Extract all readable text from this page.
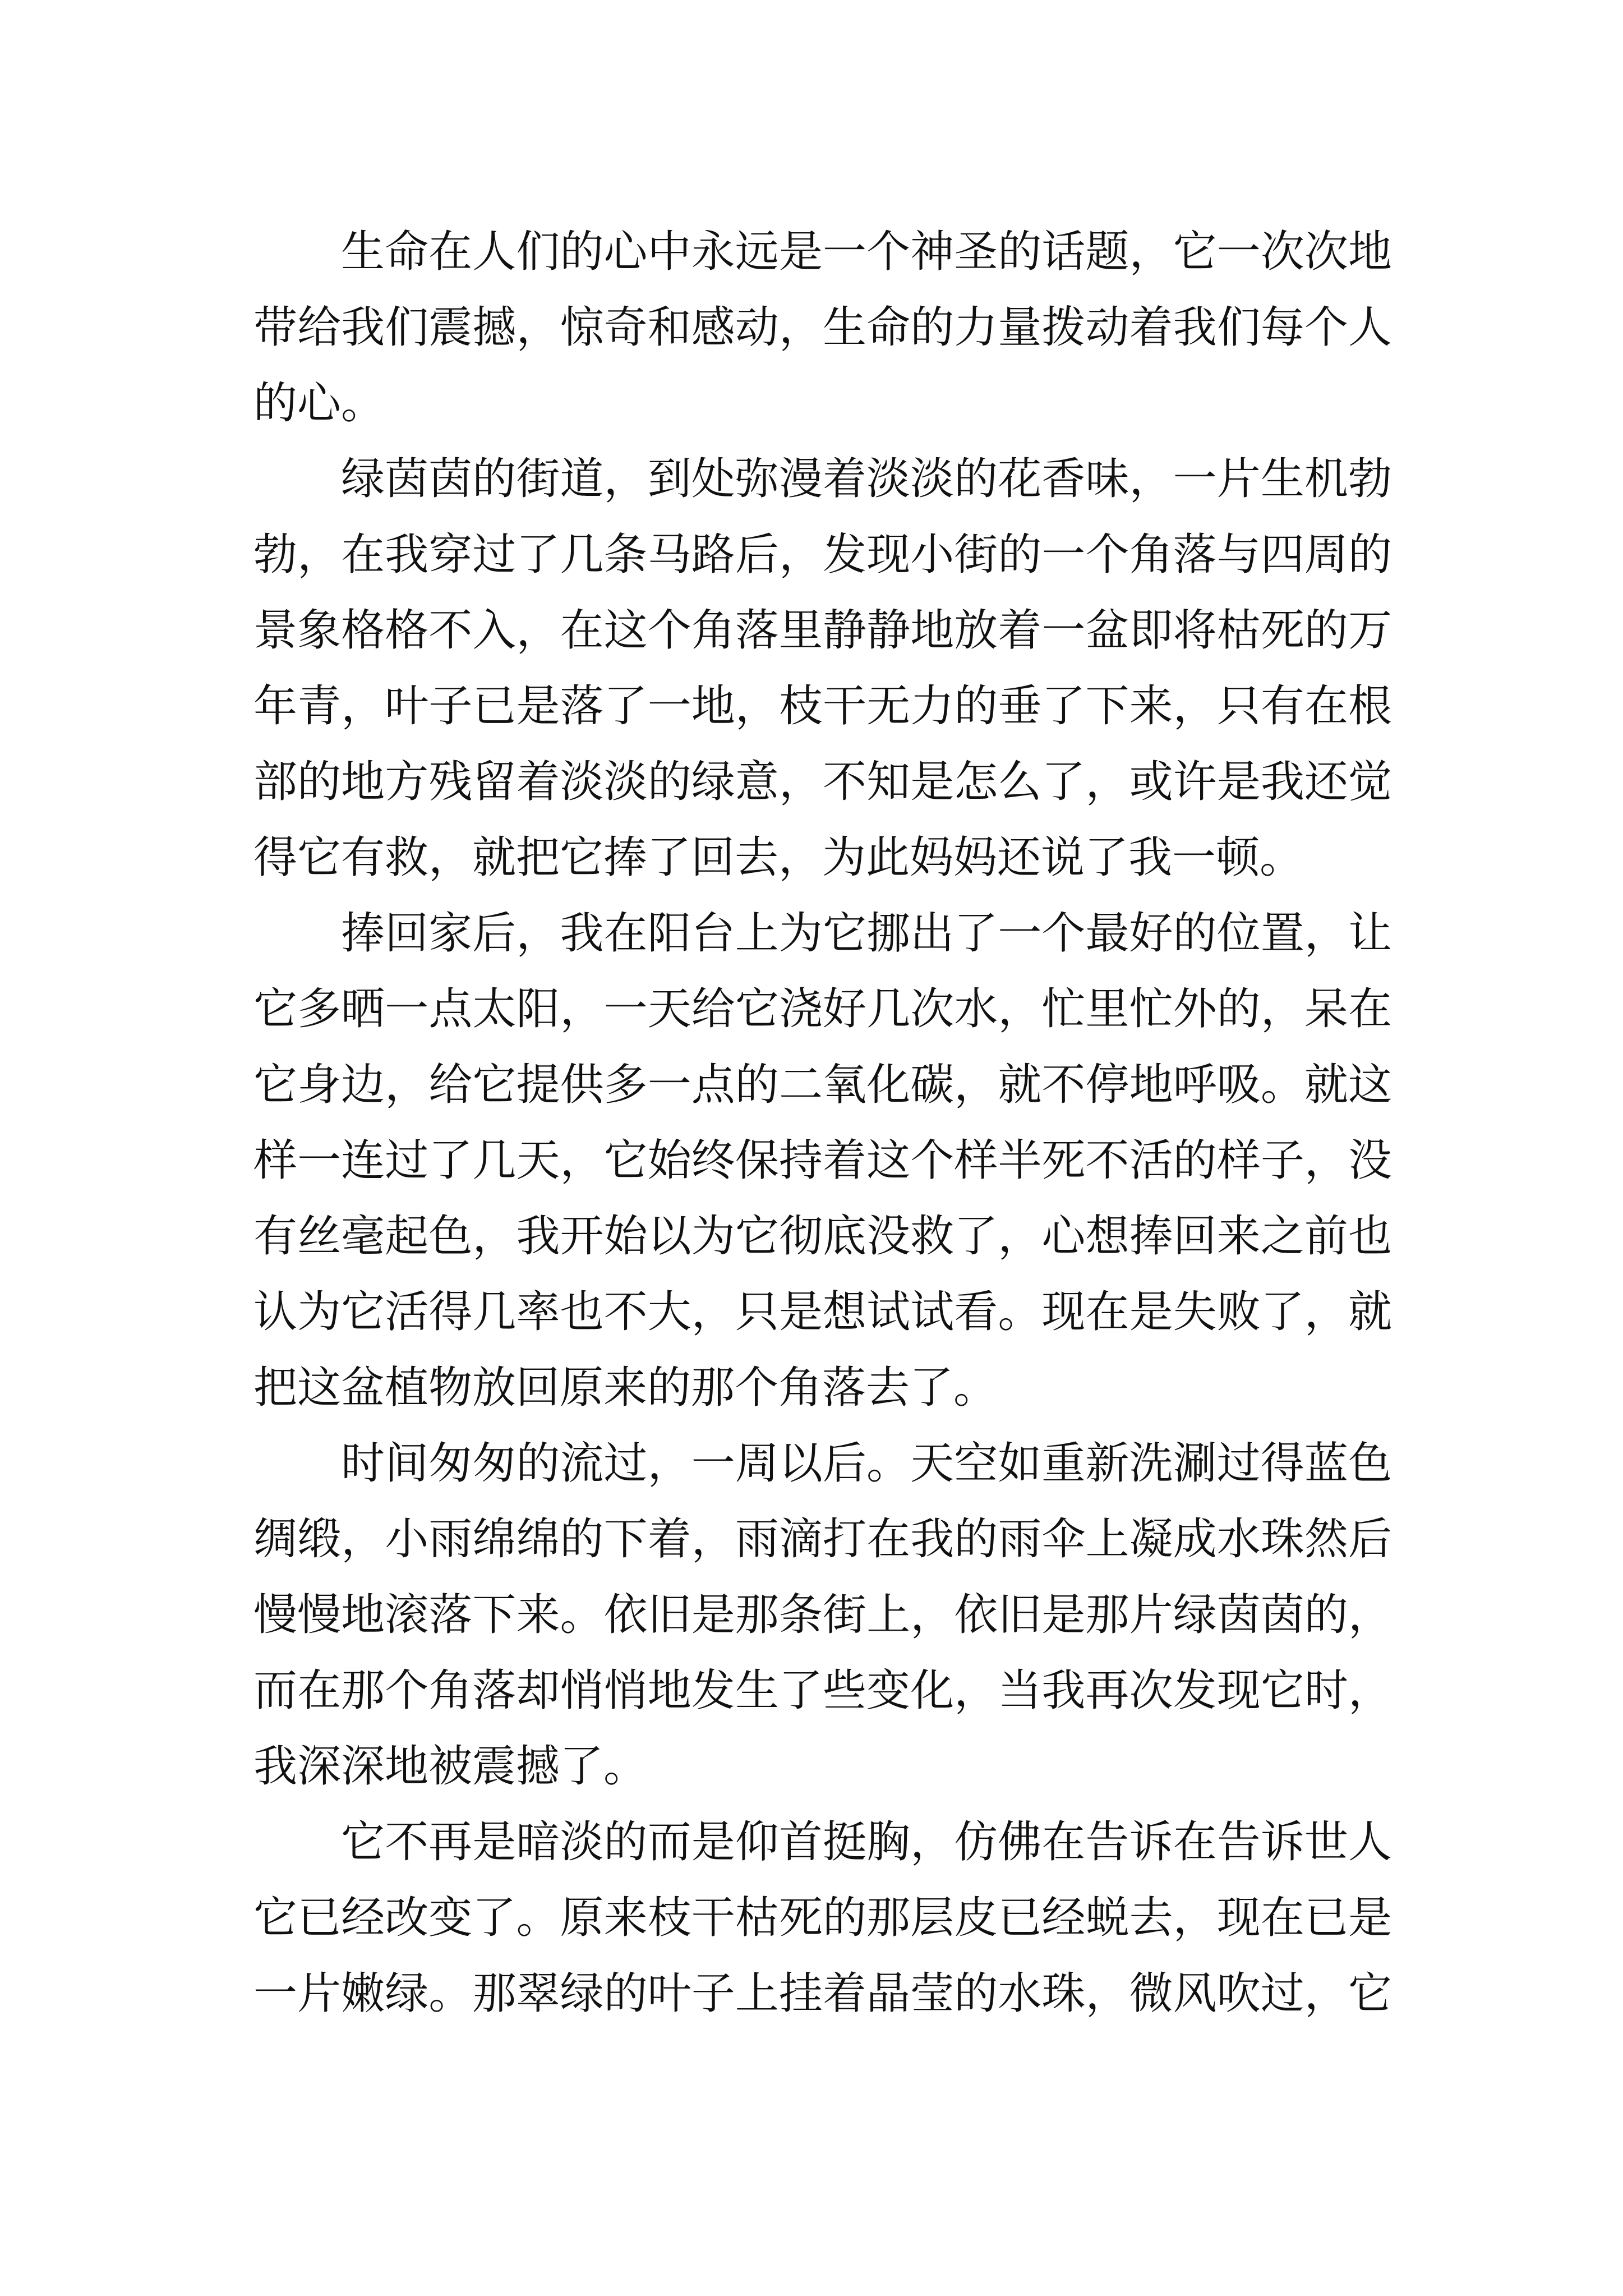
生命在人们的心中永远是一个神圣的话题，它一次次地
带给我们震撼，惊奇和感动，生命的力量拨动着我们每个人
的心。
绿茵茵的街道，到处弥漫着淡淡的花香味，一片生机勃
勃，在我穿过了几条马路后，发现小街的一个角落与四周的
景象格格不入，在这个角落里静静地放着一盆即将枯死的万
年青，叶子已是落了一地，枝干无力的垂了下来，只有在根
部的地方残留着淡淡的绿意，不知是怎么了，或许是我还觉
得它有救，就把它捧了回去，为此妈妈还说了我一顿。
捧回家后，我在阳台上为它挪出了一个最好的位置，让
它多晒一点太阳，一天给它浇好几次水，忙里忙外的，呆在
它身边，给它提供多一点的二氧化碳，就不停地呼吸。就这
样一连过了几天，它始终保持着这个样半死不活的样子，没
有丝毫起色，我开始以为它彻底没救了，心想捧回来之前也
认为它活得几率也不大，只是想试试看。现在是失败了，就
把这盆植物放回原来的那个角落去了。
时间匆匆的流过，一周以后。天空如重新洗涮过得蓝色
绸缎，小雨绵绵的下着，雨滴打在我的雨伞上凝成水珠然后
慢慢地滚落下来。依旧是那条街上，依旧是那片绿茵茵的，
而在那个角落却悄悄地发生了些变化，当我再次发现它时，
我深深地被震撼了。
它不再是暗淡的而是仰首挺胸，仿佛在告诉在告诉世人
它已经改变了。原来枝干枯死的那层皮已经蜕去，现在已是
一片嫩绿。那翠绿的叶子上挂着晶莹的水珠，微风吹过，它
